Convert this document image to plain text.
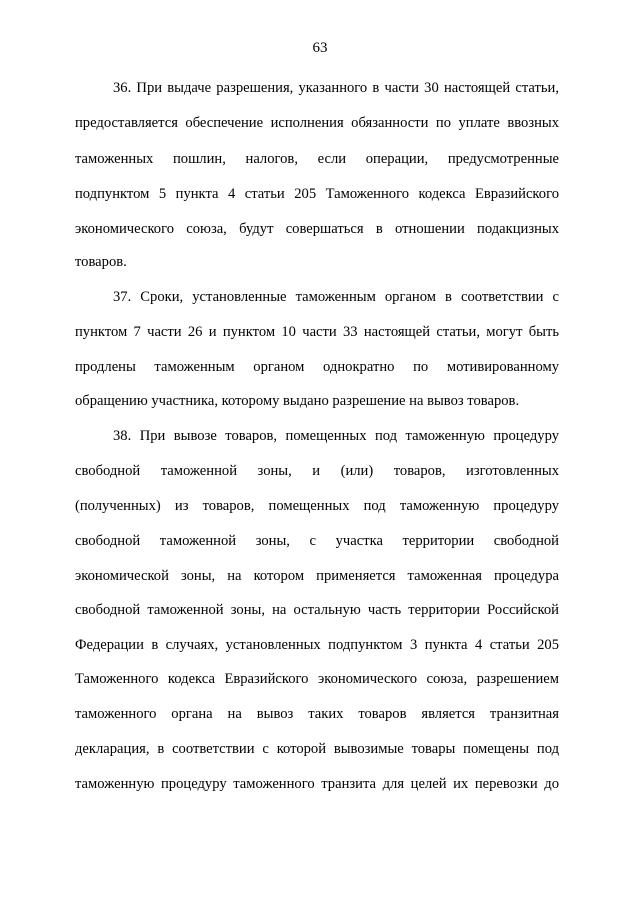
63
36. При выдаче разрешения, указанного в части 30 настоящей статьи,
предоставляется обеспечение исполнения обязанности по уплате ввозных
таможенных пошлин, налогов, если операции, предусмотренные
подпунктом 5 пункта 4 статьи 205 Таможенного кодекса Евразийского
экономического союза, будут совершаться в отношении подакцизных
товаров.
37. Сроки, установленные таможенным органом в соответствии с
пунктом 7 части 26 и пунктом 10 части 33 настоящей статьи, могут быть
продлены таможенным органом однократно по мотивированному
обращению участника, которому выдано разрешение на вывоз товаров.
38. При вывозе товаров, помещенных под таможенную процедуру
свободной таможенной зоны, и (или) товаров, изготовленных
(полученных) из товаров, помещенных под таможенную процедуру
свободной таможенной зоны, с участка территории свободной
экономической зоны, на котором применяется таможенная процедура
свободной таможенной зоны, на остальную часть территории Российской
Федерации в случаях, установленных подпунктом 3 пункта 4 статьи 205
Таможенного кодекса Евразийского экономического союза, разрешением
таможенного органа на вывоз таких товаров является транзитная
декларация, в соответствии с которой вывозимые товары помещены под
таможенную процедуру таможенного транзита для целей их перевозки до
